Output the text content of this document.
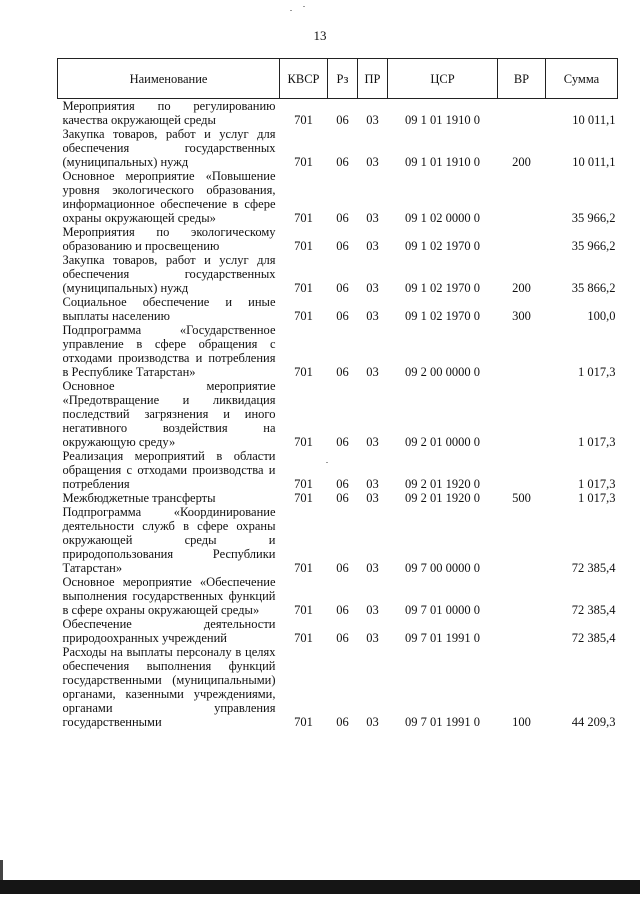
13
Наименование	КВСР	Рз	ПР	ЦСР	ВР	Сумма
Мероприятия по регулированию качества окружающей среды	701	06	03	09 1 01 1910 0		10 011,1
Закупка товаров, работ и услуг для обеспечения государственных (муниципальных) нужд	701	06	03	09 1 01 1910 0	200	10 011,1
Основное мероприятие «Повышение уровня экологического образования, информационное обеспечение в сфере охраны окружающей среды»	701	06	03	09 1 02 0000 0		35 966,2
Мероприятия по экологическому образованию и просвещению	701	06	03	09 1 02 1970 0		35 966,2
Закупка товаров, работ и услуг для обеспечения государственных (муниципальных) нужд	701	06	03	09 1 02 1970 0	200	35 866,2
Социальное обеспечение и иные выплаты населению	701	06	03	09 1 02 1970 0	300	100,0
Подпрограмма «Государственное управление в сфере обращения с отходами производства и потребления в Республике Татарстан»	701	06	03	09 2 00 0000 0		1 017,3
Основное мероприятие «Предотвращение и ликвидация последствий загрязнения и иного негативного воздействия на окружающую среду»	701	06	03	09 2 01 0000 0		1 017,3
Реализация мероприятий в области обращения с отходами производства и потребления	701	06	03	09 2 01 1920 0		1 017,3
Межбюджетные трансферты	701	06	03	09 2 01 1920 0	500	1 017,3
Подпрограмма «Координирование деятельности служб в сфере охраны окружающей среды и природопользования Республики Татарстан»	701	06	03	09 7 00 0000 0		72 385,4
Основное мероприятие «Обеспечение выполнения государственных функций в сфере охраны окружающей среды»	701	06	03	09 7 01 0000 0		72 385,4
Обеспечение деятельности природоохранных учреждений	701	06	03	09 7 01 1991 0		72 385,4
Расходы на выплаты персоналу в целях обеспечения выполнения функций государственными (муниципальными) органами, казенными учреждениями, органами управления государственными	701	06	03	09 7 01 1991 0	100	44 209,3
